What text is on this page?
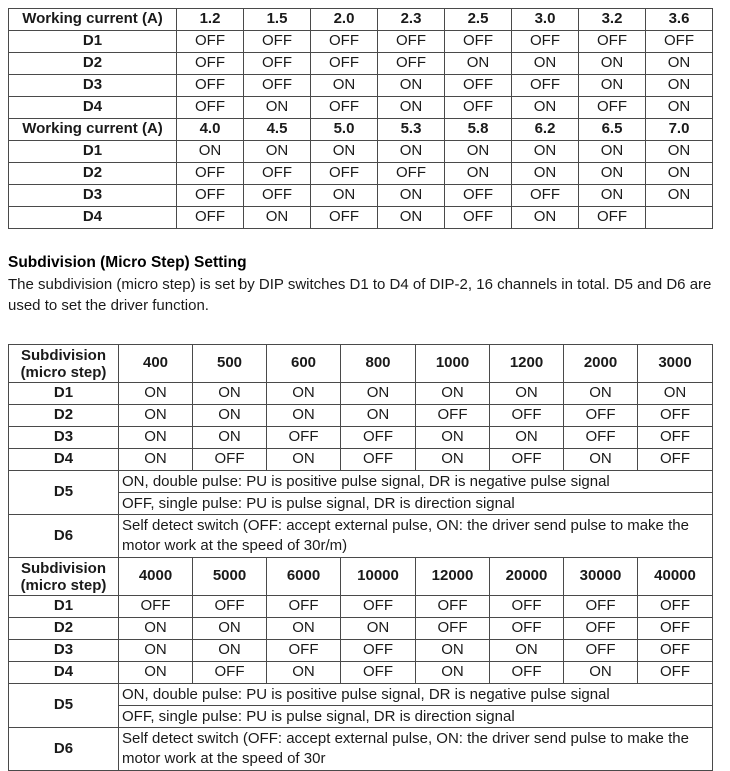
Working current (A)	1.2	1.5	2.0	2.3	2.5	3.0	3.2	3.6
D1	OFF	OFF	OFF	OFF	OFF	OFF	OFF	OFF
D2	OFF	OFF	OFF	OFF	ON	ON	ON	ON
D3	OFF	OFF	ON	ON	OFF	OFF	ON	ON
D4	OFF	ON	OFF	ON	OFF	ON	OFF	ON
Working current (A)	4.0	4.5	5.0	5.3	5.8	6.2	6.5	7.0
D1	ON	ON	ON	ON	ON	ON	ON	ON
D2	OFF	OFF	OFF	OFF	ON	ON	ON	ON
D3	OFF	OFF	ON	ON	OFF	OFF	ON	ON
D4	OFF	ON	OFF	ON	OFF	ON	OFF	
Subdivision (Micro Step) Setting
The subdivision (micro step) is set by DIP switches D1 to D4 of DIP-2, 16 channels in total. D5 and D6 are used to set the driver function.
Subdivision
(micro step)	400	500	600	800	1000	1200	2000	3000
D1	ON	ON	ON	ON	ON	ON	ON	ON
D2	ON	ON	ON	ON	OFF	OFF	OFF	OFF
D3	ON	ON	OFF	OFF	ON	ON	OFF	OFF
D4	ON	OFF	ON	OFF	ON	OFF	ON	OFF
D5	ON, double pulse: PU is positive pulse signal, DR is negative pulse signal							
	OFF, single pulse: PU is pulse signal, DR is direction signal							
D6	Self detect switch (OFF: accept external pulse, ON: the driver send pulse to make the motor work at the speed of 30r/m)							

Subdivision
(micro step)	4000	5000	6000	10000	12000	20000	30000	40000
D1	OFF	OFF	OFF	OFF	OFF	OFF	OFF	OFF
D2	ON	ON	ON	ON	OFF	OFF	OFF	OFF
D3	ON	ON	OFF	OFF	ON	ON	OFF	OFF
D4	ON	OFF	ON	OFF	ON	OFF	ON	OFF
D5	ON, double pulse: PU is positive pulse signal, DR is negative pulse signal							
	OFF, single pulse: PU is pulse signal, DR is direction signal							
D6	Self detect switch (OFF: accept external pulse, ON: the driver send pulse to make the motor work at the speed of 30r							
